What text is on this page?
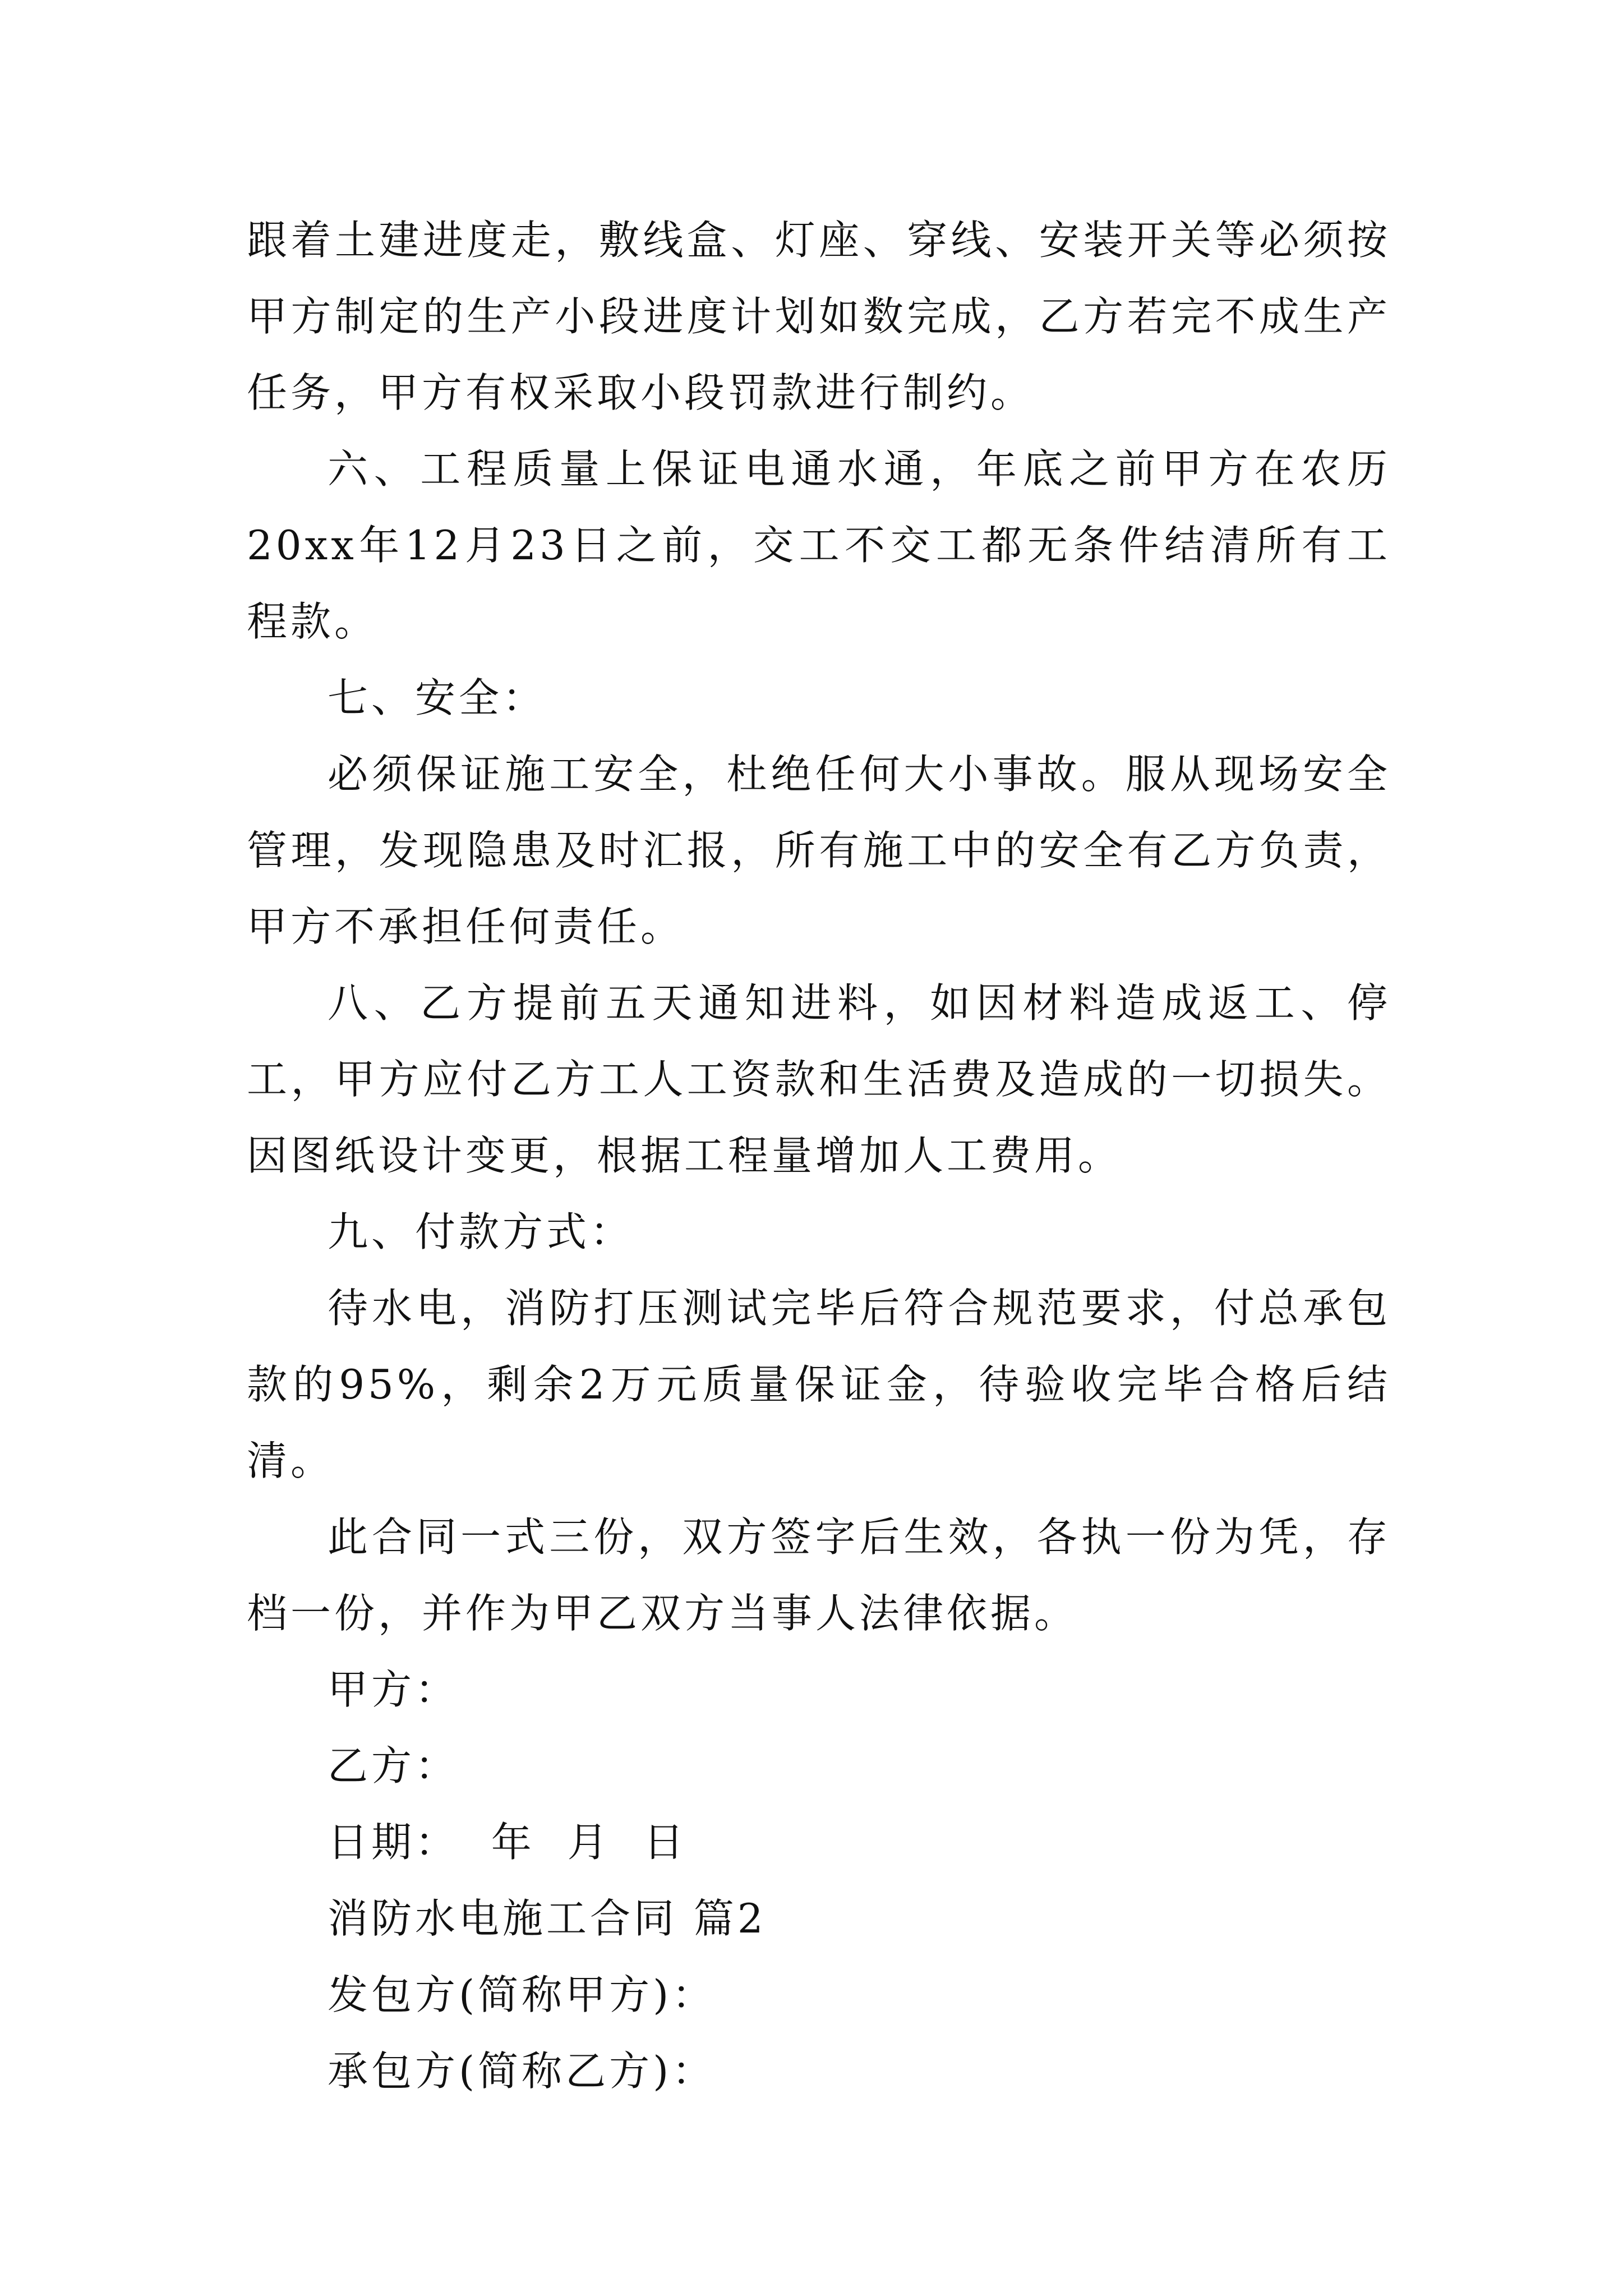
跟着土建进度走，敷线盒、灯座、穿线、安装开关等必须按甲方制定的生产小段进度计划如数完成，乙方若完不成生产任务，甲方有权采取小段罚款进行制约。

六、工程质量上保证电通水通，年底之前甲方在农历20xx年12月23日之前，交工不交工都无条件结清所有工程款。

七、安全：

必须保证施工安全，杜绝任何大小事故。服从现场安全管理，发现隐患及时汇报，所有施工中的安全有乙方负责，甲方不承担任何责任。

八、乙方提前五天通知进料，如因材料造成返工、停工，甲方应付乙方工人工资款和生活费及造成的一切损失。因图纸设计变更，根据工程量增加人工费用。

九、付款方式：

待水电，消防打压测试完毕后符合规范要求，付总承包款的95%，剩余2万元质量保证金，待验收完毕合格后结清。

此合同一式三份，双方签字后生效，各执一份为凭，存档一份，并作为甲乙双方当事人法律依据。

甲方：

乙方：

日期：  年  月  日

消防水电施工合同 篇2

发包方(简称甲方)：

承包方(简称乙方)：
